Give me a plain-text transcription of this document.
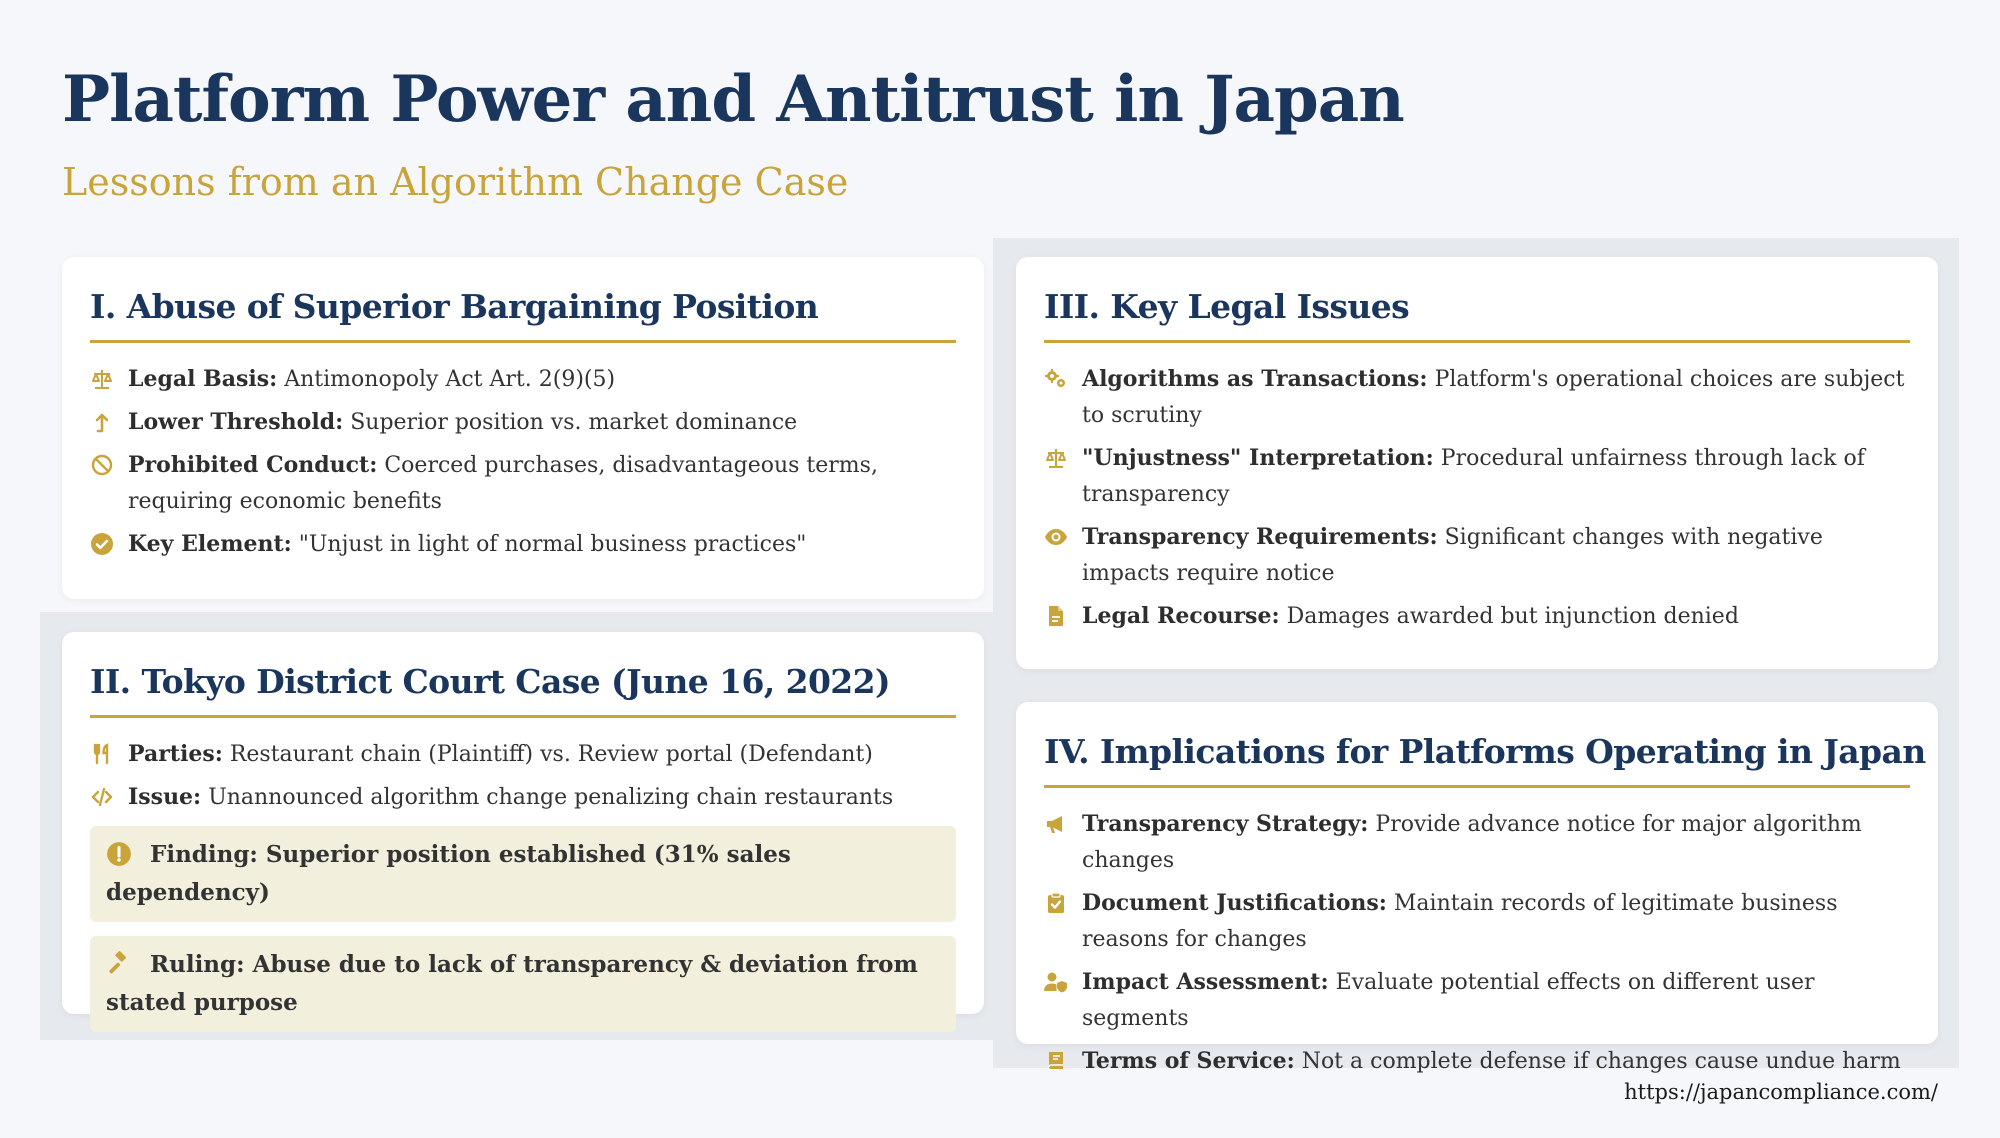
Platform Power and Antitrust in Japan
Lessons from an Algorithm Change Case
I. Abuse of Superior Bargaining Position
Legal Basis: Antimonopoly Act Art. 2(9)(5)
Lower Threshold: Superior position vs. market dominance
Prohibited Conduct: Coerced purchases, disadvantageous terms, requiring economic benefits
Key Element: "Unjust in light of normal business practices"
II. Tokyo District Court Case (June 16, 2022)
Parties: Restaurant chain (Plaintiff) vs. Review portal (Defendant)
Issue: Unannounced algorithm change penalizing chain restaurants
Finding: Superior position established (31% sales dependency)
Ruling: Abuse due to lack of transparency & deviation from stated purpose
III. Key Legal Issues
Algorithms as Transactions: Platform's operational choices are subject to scrutiny
"Unjustness" Interpretation: Procedural unfairness through lack of transparency
Transparency Requirements: Significant changes with negative impacts require notice
Legal Recourse: Damages awarded but injunction denied
IV. Implications for Platforms Operating in Japan
Transparency Strategy: Provide advance notice for major algorithm changes
Document Justifications: Maintain records of legitimate business reasons for changes
Impact Assessment: Evaluate potential effects on different user segments
Terms of Service: Not a complete defense if changes cause undue harm
https://japancompliance.com/
